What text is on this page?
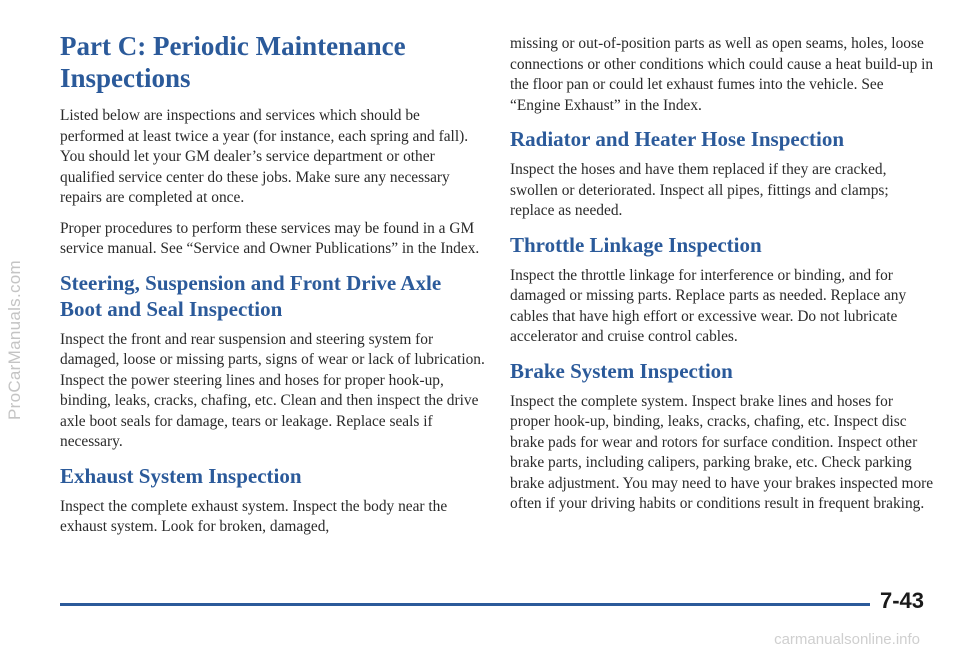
ProCarManuals.com
Part C: Periodic Maintenance Inspections

Listed below are inspections and services which should be performed at least twice a year (for instance, each spring and fall). You should let your GM dealer’s service department or other qualified service center do these jobs. Make sure any necessary repairs are completed at once.

Proper procedures to perform these services may be found in a GM service manual. See “Service and Owner Publications” in the Index.

Steering, Suspension and Front Drive Axle Boot and Seal Inspection

Inspect the front and rear suspension and steering system for damaged, loose or missing parts, signs of wear or lack of lubrication. Inspect the power steering lines and hoses for proper hook-up, binding, leaks, cracks, chafing, etc. Clean and then inspect the drive axle boot seals for damage, tears or leakage. Replace seals if necessary.

Exhaust System Inspection

Inspect the complete exhaust system. Inspect the body near the exhaust system. Look for broken, damaged,

missing or out-of-position parts as well as open seams, holes, loose connections or other conditions which could cause a heat build-up in the floor pan or could let exhaust fumes into the vehicle. See “Engine Exhaust” in the Index.

Radiator and Heater Hose Inspection

Inspect the hoses and have them replaced if they are cracked, swollen or deteriorated. Inspect all pipes, fittings and clamps; replace as needed.

Throttle Linkage Inspection

Inspect the throttle linkage for interference or binding, and for damaged or missing parts. Replace parts as needed. Replace any cables that have high effort or excessive wear. Do not lubricate accelerator and cruise control cables.

Brake System Inspection

Inspect the complete system. Inspect brake lines and hoses for proper hook-up, binding, leaks, cracks, chafing, etc. Inspect disc brake pads for wear and rotors for surface condition. Inspect other brake parts, including calipers, parking brake, etc. Check parking brake adjustment. You may need to have your brakes inspected more often if your driving habits or conditions result in frequent braking.

7-43
carmanualsonline.info
